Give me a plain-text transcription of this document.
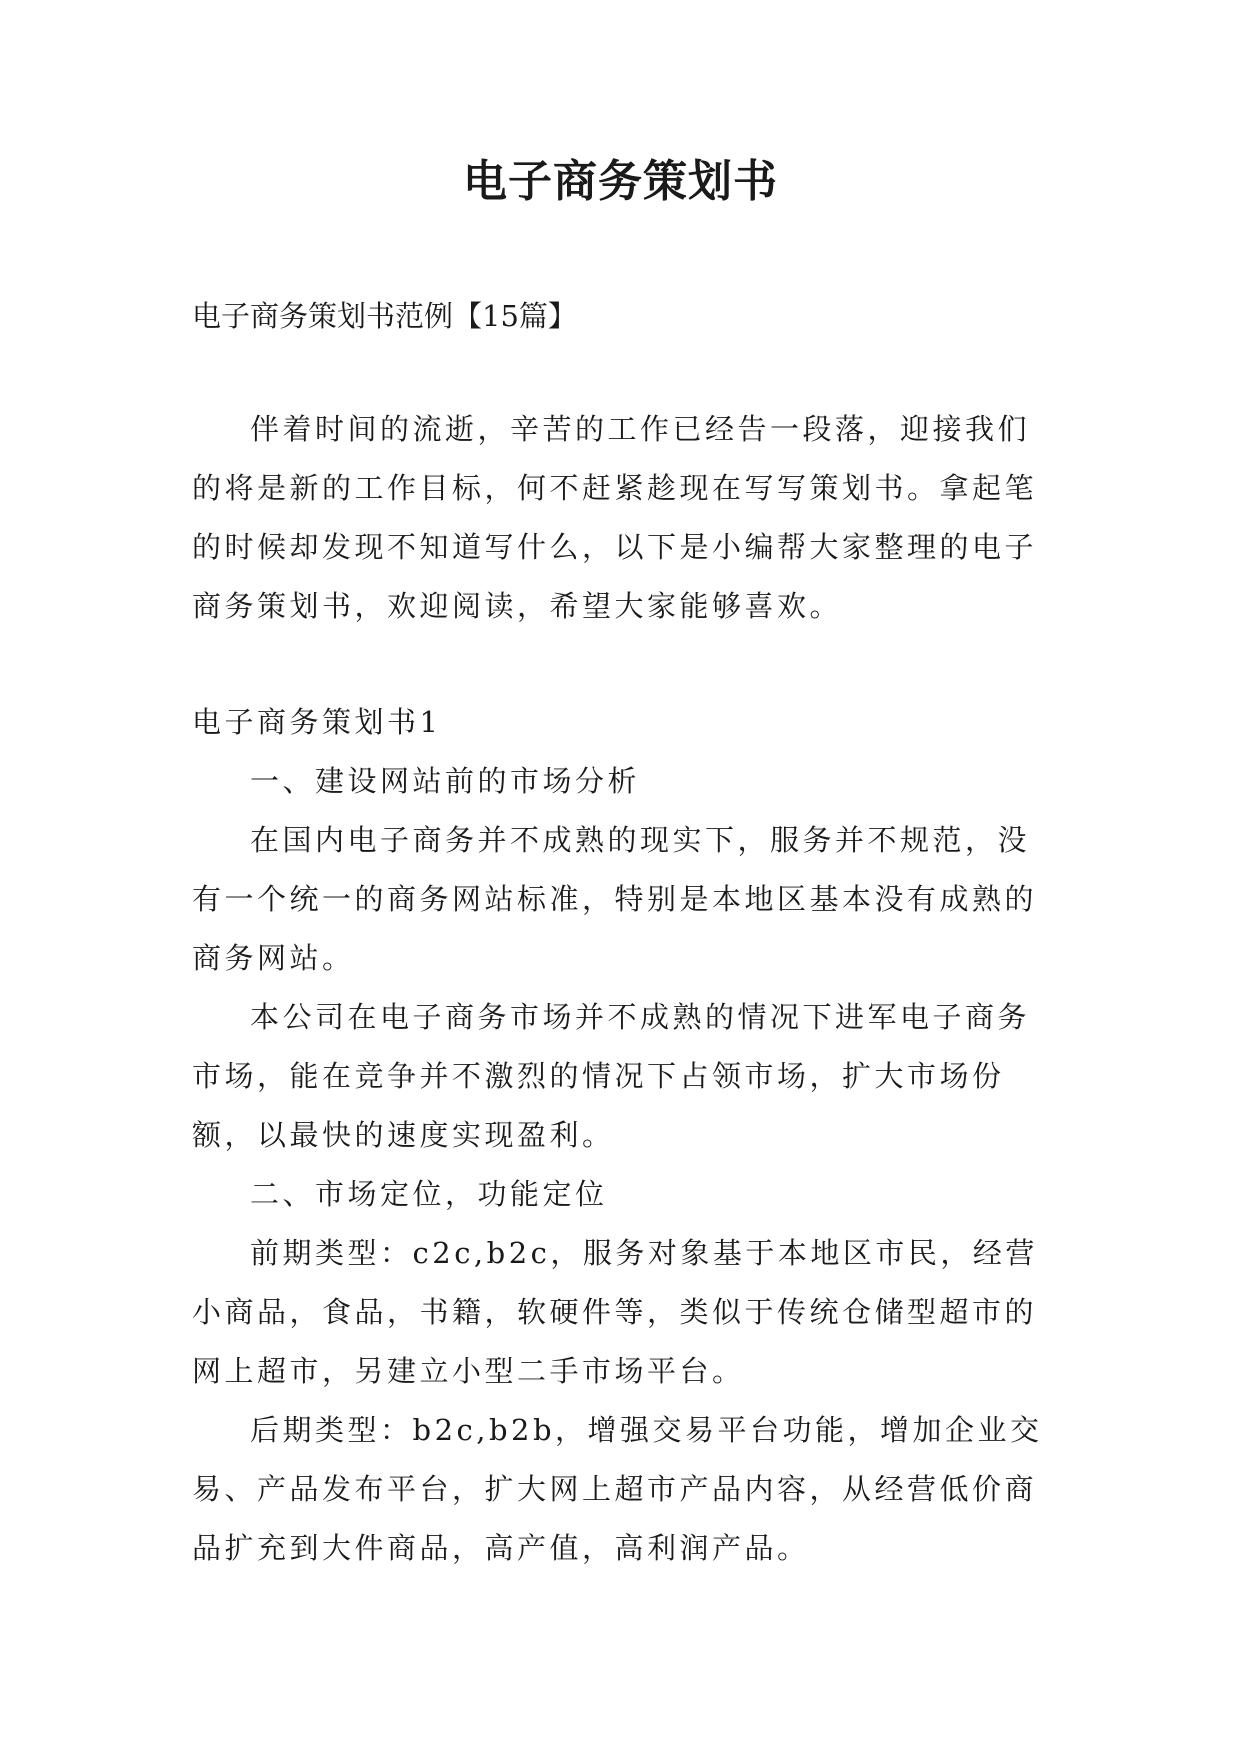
电子商务策划书

电子商务策划书范例【15篇】

伴着时间的流逝，辛苦的工作已经告一段落，迎接我们的将是新的工作目标，何不赶紧趁现在写写策划书。拿起笔的时候却发现不知道写什么，以下是小编帮大家整理的电子商务策划书，欢迎阅读，希望大家能够喜欢。

电子商务策划书1

一、建设网站前的市场分析

在国内电子商务并不成熟的现实下，服务并不规范，没有一个统一的商务网站标准，特别是本地区基本没有成熟的商务网站。

本公司在电子商务市场并不成熟的情况下进军电子商务市场，能在竞争并不激烈的情况下占领市场，扩大市场份额，以最快的速度实现盈利。

二、市场定位，功能定位

前期类型：c2c,b2c，服务对象基于本地区市民，经营小商品，食品，书籍，软硬件等，类似于传统仓储型超市的网上超市，另建立小型二手市场平台。

后期类型：b2c,b2b，增强交易平台功能，增加企业交易、产品发布平台，扩大网上超市产品内容，从经营低价商品扩充到大件商品，高产值，高利润产品。
